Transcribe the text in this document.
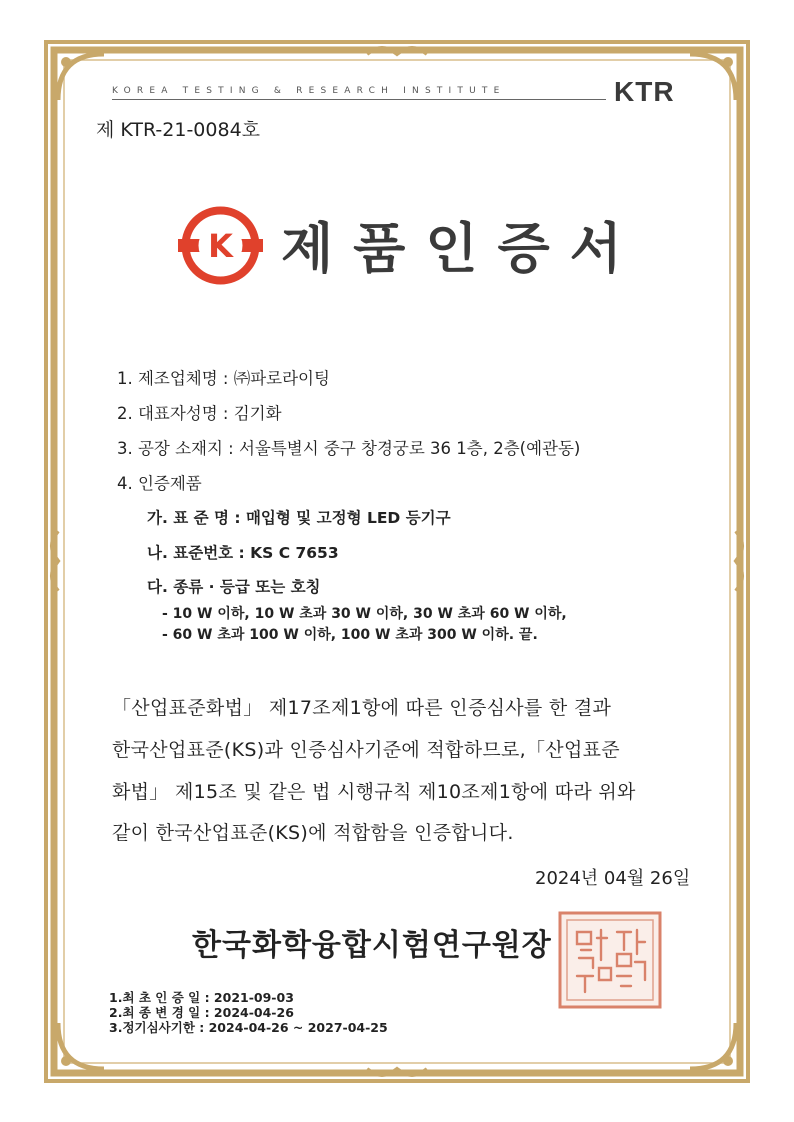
KOREA TESTING & RESEARCH INSTITUTE	KTR
제 KTR-21-0084호
K 제품인증서
1. 제조업체명 : ㈜파로라이팅
2. 대표자성명 : 김기화
3. 공장 소재지 : 서울특별시 중구 창경궁로 36 1층, 2층(예관동)
4. 인증제품
가. 표 준 명 : 매입형 및 고정형 LED 등기구
나. 표준번호 : KS C 7653
다. 종류 · 등급 또는 호칭
- 10 W 이하, 10 W 초과 30 W 이하, 30 W 초과 60 W 이하,
- 60 W 초과 100 W 이하, 100 W 초과 300 W 이하. 끝.
「산업표준화법」 제17조제1항에 따른 인증심사를 한 결과
한국산업표준(KS)과 인증심사기준에 적합하므로,「산업표준
화법」 제15조 및 같은 법 시행규칙 제10조제1항에 따라 위와
같이 한국산업표준(KS)에 적합함을 인증합니다.
2024년 04월 26일
한국화학융합시험연구원장
1.최 초 인 증 일 : 2021-09-03
2.최 종 변 경 일 : 2024-04-26
3.정기심사기한 : 2024-04-26 ~ 2027-04-25
